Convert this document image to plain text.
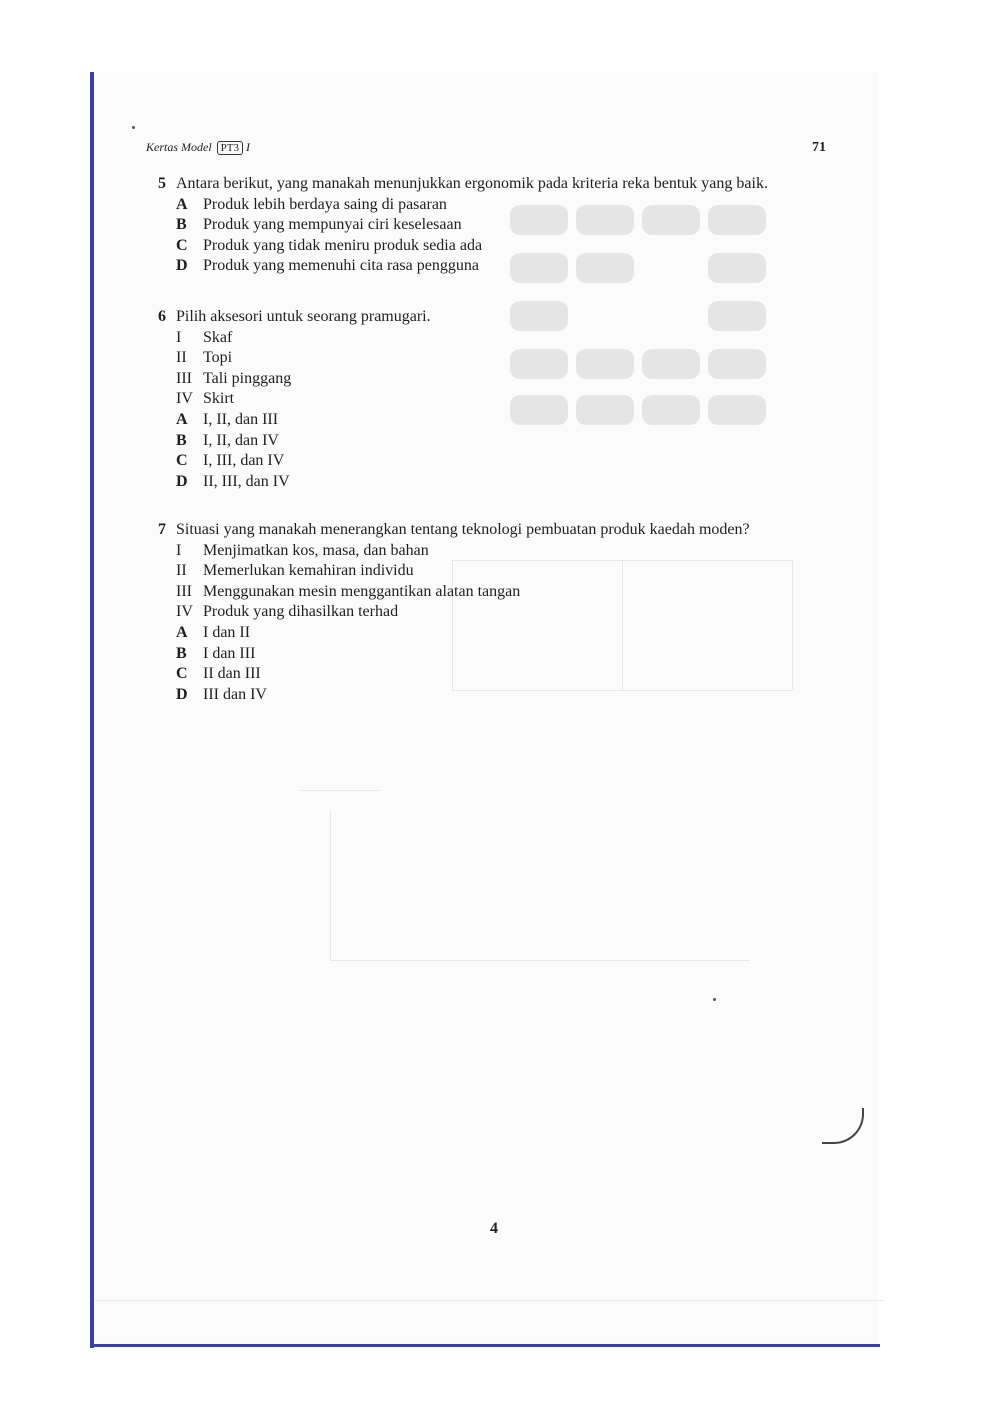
Kertas Model PT3 I	71
5 Antara berikut, yang manakah menunjukkan ergonomik pada kriteria reka bentuk yang baik.
A Produk lebih berdaya saing di pasaran
B Produk yang mempunyai ciri keselesaan
C Produk yang tidak meniru produk sedia ada
D Produk yang memenuhi cita rasa pengguna
6 Pilih aksesori untuk seorang pramugari.
I Skaf
II Topi
III Tali pinggang
IV Skirt
A I, II, dan III
B I, II, dan IV
C I, III, dan IV
D II, III, dan IV
7 Situasi yang manakah menerangkan tentang teknologi pembuatan produk kaedah moden?
I Menjimatkan kos, masa, dan bahan
II Memerlukan kemahiran individu
III Menggunakan mesin menggantikan alatan tangan
IV Produk yang dihasilkan terhad
A I dan II
B I dan III
C II dan III
D III dan IV
4
